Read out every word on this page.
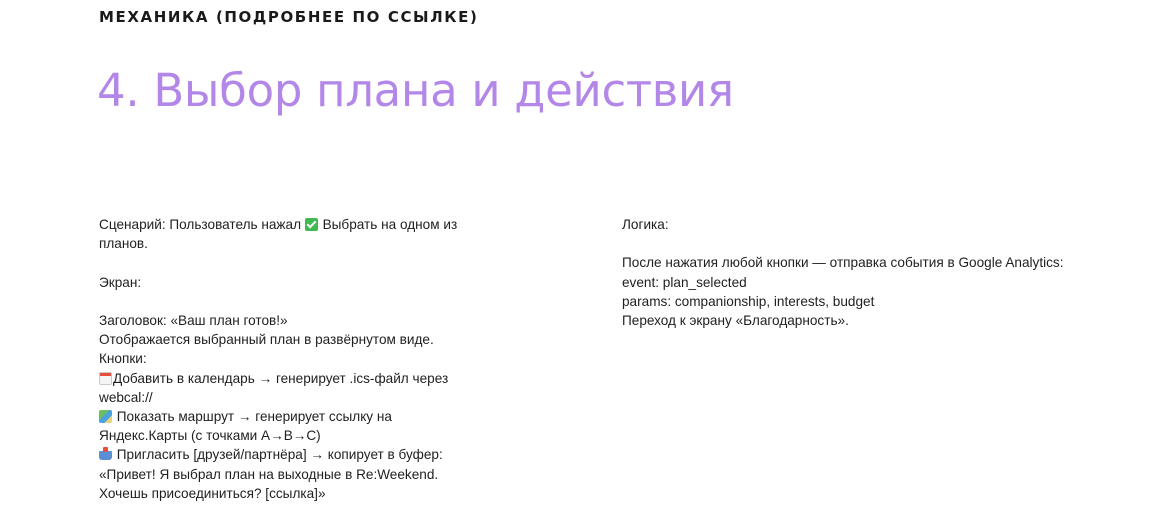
МЕХАНИКА (ПОДРОБНЕЕ ПО ССЫЛКЕ)
4. Выбор плана и действия
Сценарий: Пользователь нажал Выбрать на одном из
планов.
Экран:
Заголовок: «Ваш план готов!»
Отображается выбранный план в развёрнутом виде.
Кнопки:
Добавить в календарь → генерирует .ics-файл через
webcal://
Показать маршрут → генерирует ссылку на
Яндекс.Карты (с точками A→B→C)
Пригласить [друзей/партнёра] → копирует в буфер:
«Привет! Я выбрал план на выходные в Re:Weekend.
Хочешь присоединиться? [ссылка]»
Логика:
После нажатия любой кнопки — отправка события в Google Analytics:
event: plan_selected
params: companionship, interests, budget
Переход к экрану «Благодарность».
